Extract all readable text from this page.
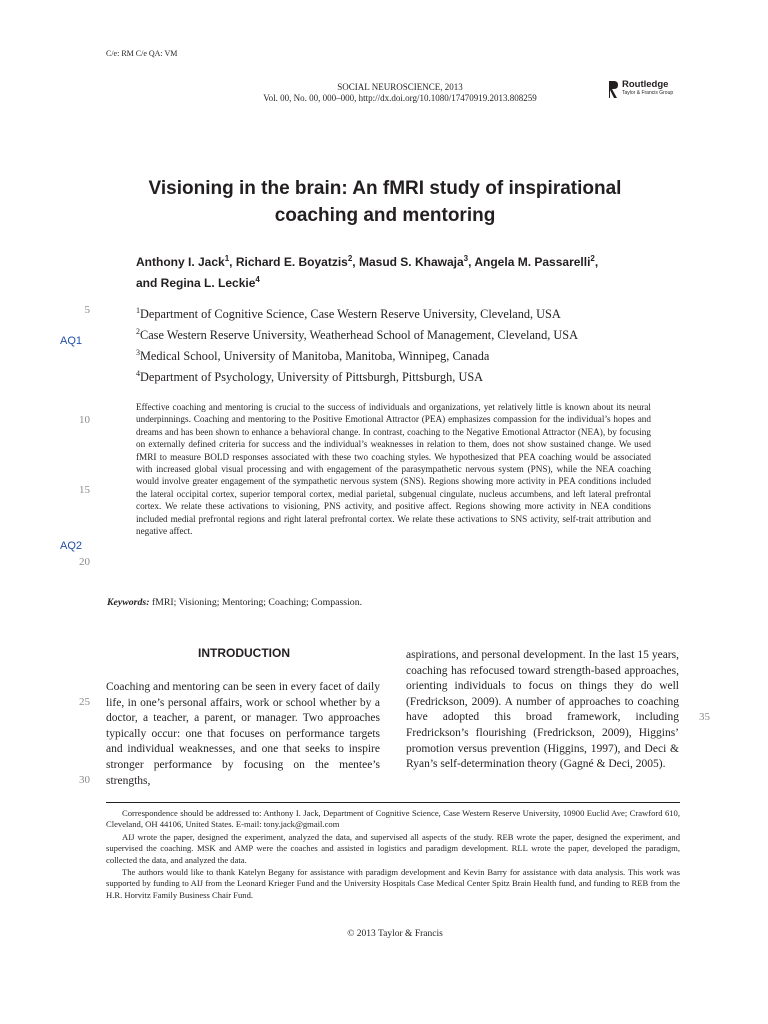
C/e: RM C/e QA: VM
SOCIAL NEUROSCIENCE, 2013
Vol. 00, No. 00, 000–000, http://dx.doi.org/10.1080/17470919.2013.808259
Routledge
Taylor & Francis Group
Visioning in the brain: An fMRI study of inspirational
coaching and mentoring
Anthony I. Jack$^1$, Richard E. Boyatzis$^2$, Masud S. Khawaja$^3$, Angela M. Passarelli$^2$,
and Regina L. Leckie$^4$
$^1$Department of Cognitive Science, Case Western Reserve University, Cleveland, USA
$^2$Case Western Reserve University, Weatherhead School of Management, Cleveland, USA
$^3$Medical School, University of Manitoba, Manitoba, Winnipeg, Canada
$^4$Department of Psychology, University of Pittsburgh, Pittsburgh, USA
5
AQ1
10
15
AQ2
20
25
30
35
Effective coaching and mentoring is crucial to the success of individuals and organizations, yet relatively little is known about its neural underpinnings. Coaching and mentoring to the Positive Emotional Attractor (PEA) emphasizes compassion for the individual’s hopes and dreams and has been shown to enhance a behavioral change. In contrast, coaching to the Negative Emotional Attractor (NEA), by focusing on externally defined criteria for success and the individual’s weaknesses in relation to them, does not show sustained change. We used fMRI to measure BOLD responses associated with these two coaching styles. We hypothesized that PEA coaching would be associated with increased global visual processing and with engagement of the parasympathetic nervous system (PNS), while the NEA coaching would involve greater engagement of the sympathetic nervous system (SNS). Regions showing more activity in PEA conditions included the lateral occipital cortex, superior temporal cortex, medial parietal, subgenual cingulate, nucleus accumbens, and left lateral prefrontal cortex. We relate these activations to visioning, PNS activity, and positive affect. Regions showing more activity in NEA conditions included medial prefrontal regions and right lateral prefrontal cortex. We relate these activations to SNS activity, self-trait attribution and negative affect.
Keywords: fMRI; Visioning; Mentoring; Coaching; Compassion.
INTRODUCTION
Coaching and mentoring can be seen in every facet of daily life, in one’s personal affairs, work or school whether by a doctor, a teacher, a parent, or manager. Two approaches typically occur: one that focuses on performance targets and individual weaknesses, and one that seeks to inspire stronger performance by focusing on the mentee’s strengths,
aspirations, and personal development. In the last 15 years, coaching has refocused toward strength-based approaches, orienting individuals to focus on things they do well (Fredrickson, 2009). A number of approaches to coaching have adopted this broad framework, including Fredrickson’s flourishing (Fredrickson, 2009), Higgins’ promotion versus prevention (Higgins, 1997), and Deci & Ryan’s self-determination theory (Gagné & Deci, 2005).

Correspondence should be addressed to: Anthony I. Jack, Department of Cognitive Science, Case Western Reserve University, 10900 Euclid Ave; Crawford 610, Cleveland, OH 44106, United States. E-mail: tony.jack@gmail.com

AIJ wrote the paper, designed the experiment, analyzed the data, and supervised all aspects of the study. REB wrote the paper, designed the experiment, and supervised the coaching. MSK and AMP were the coaches and assisted in logistics and paradigm development. RLL wrote the paper, developed the paradigm, collected the data, and analyzed the data.

The authors would like to thank Katelyn Begany for assistance with paradigm development and Kevin Barry for assistance with data analysis. This work was supported by funding to AIJ from the Leonard Krieger Fund and the University Hospitals Case Medical Center Spitz Brain Health fund, and funding to REB from the H.R. Horvitz Family Business Chair Fund.

© 2013 Taylor & Francis
